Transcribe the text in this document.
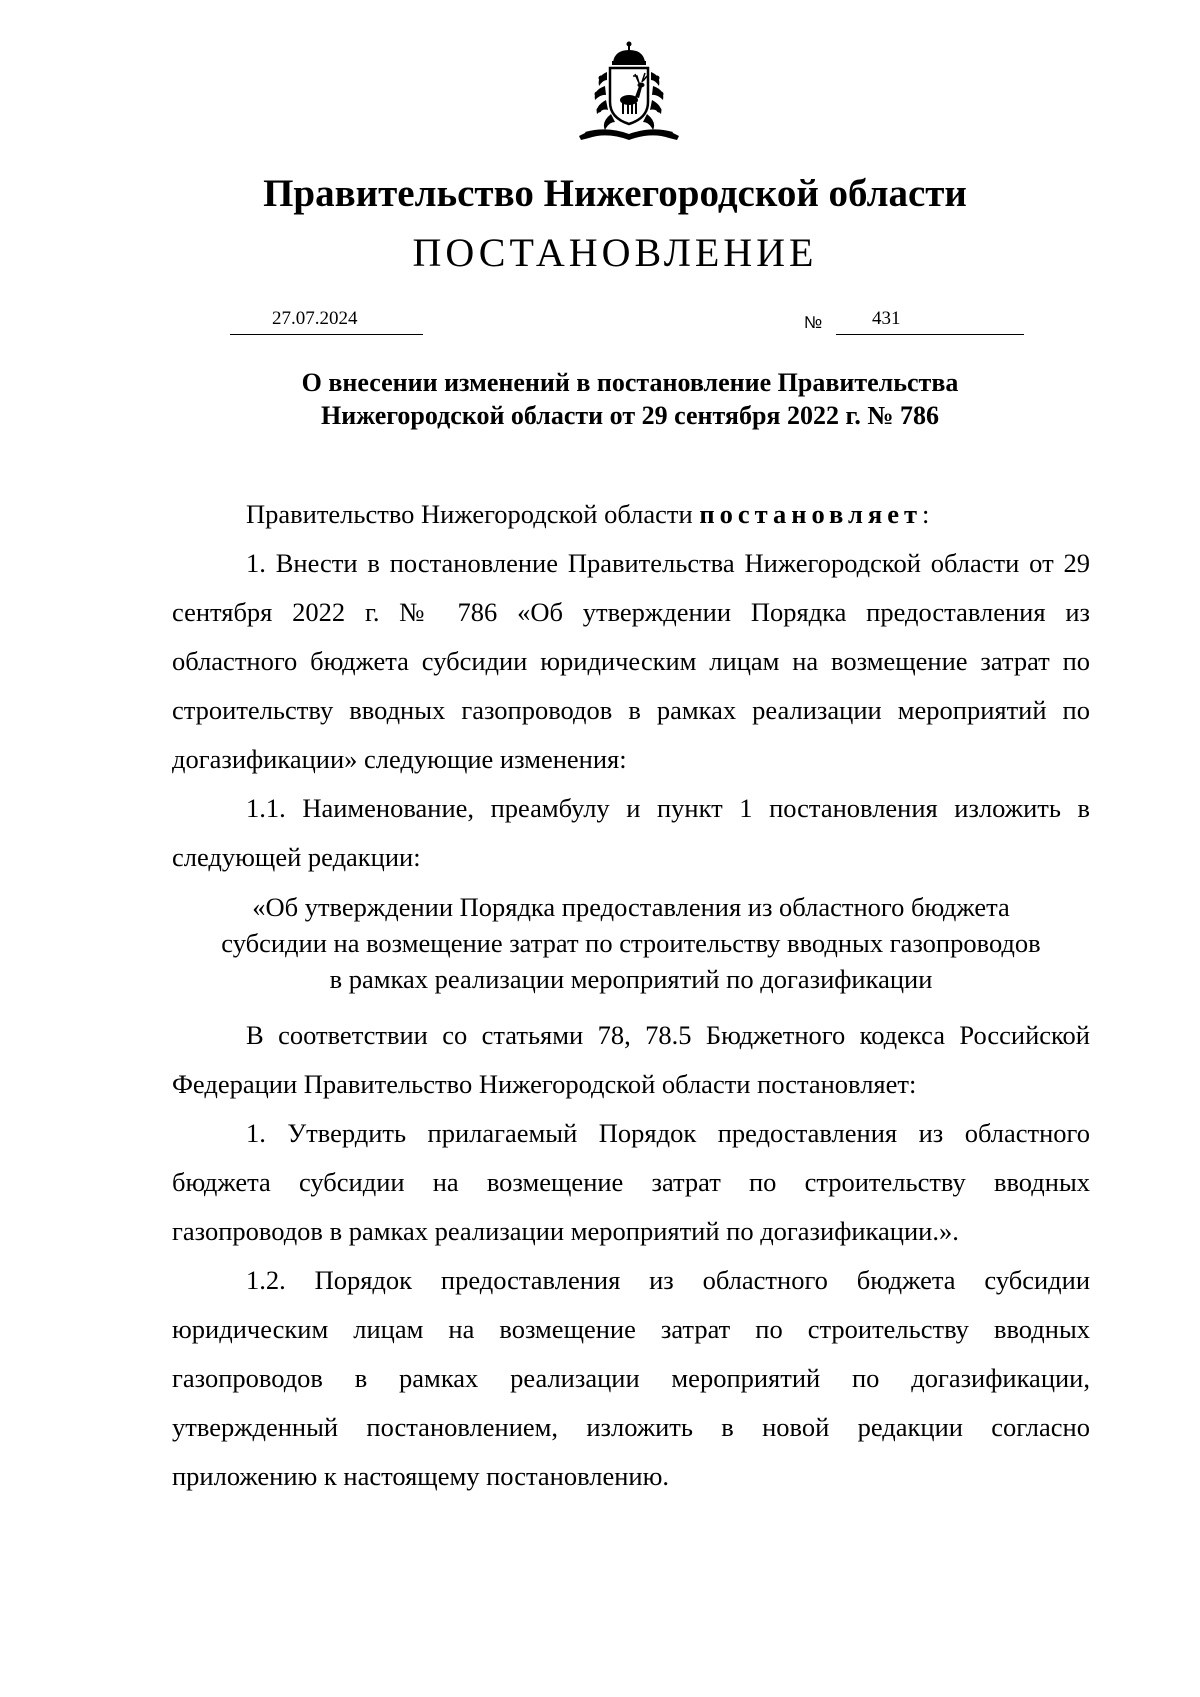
Правительство Нижегородской области
ПОСТАНОВЛЕНИЕ
27.07.2024	№	431
О внесении изменений в постановление Правительства
Нижегородской области от 29 сентября 2022 г. № 786

Правительство Нижегородской области постановляет:

1. Внести в постановление Правительства Нижегородской области от 29 сентября 2022 г. № 786 «Об утверждении Порядка предоставления из областного бюджета субсидии юридическим лицам на возмещение затрат по строительству вводных газопроводов в рамках реализации мероприятий по догазификации» следующие изменения:

1.1. Наименование, преамбулу и пункт 1 постановления изложить в следующей редакции:

«Об утверждении Порядка предоставления из областного бюджета
субсидии на возмещение затрат по строительству вводных газопроводов
в рамках реализации мероприятий по догазификации

В соответствии со статьями 78, 78.5 Бюджетного кодекса Российской Федерации Правительство Нижегородской области постановляет:

1. Утвердить прилагаемый Порядок предоставления из областного бюджета субсидии на возмещение затрат по строительству вводных газопроводов в рамках реализации мероприятий по догазификации.».

1.2. Порядок предоставления из областного бюджета субсидии юридическим лицам на возмещение затрат по строительству вводных газопроводов в рамках реализации мероприятий по догазификации, утвержденный постановлением, изложить в новой редакции согласно приложению к настоящему постановлению.
